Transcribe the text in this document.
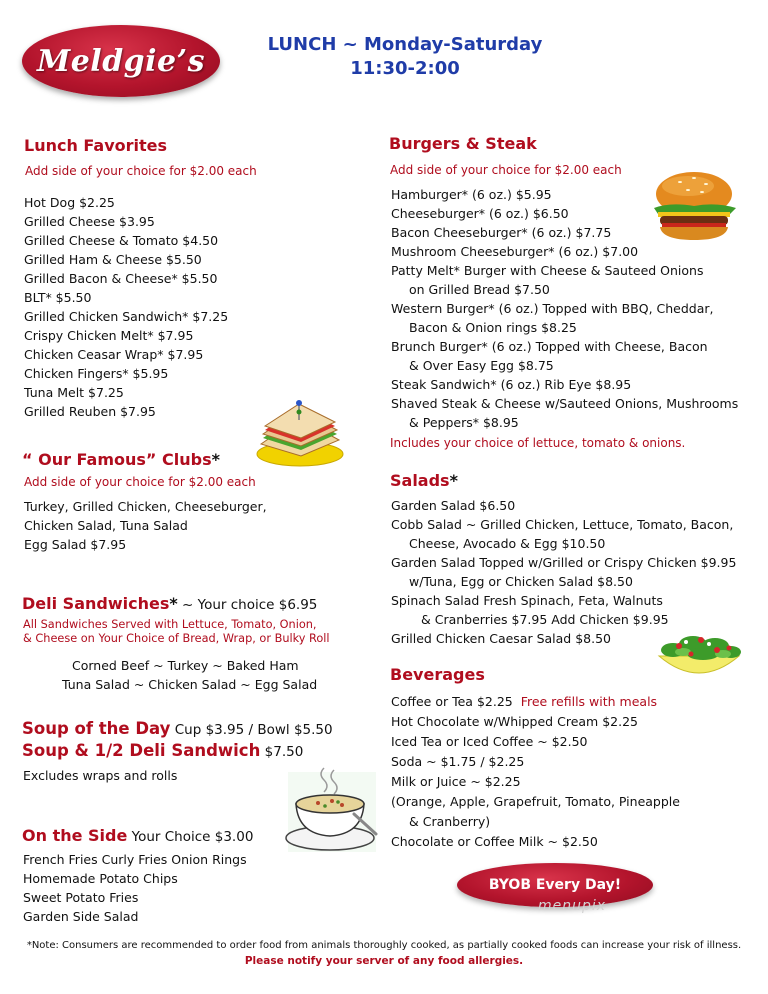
Meldgie’s	LUNCH ~ Monday-Saturday
11:30-2:00
Lunch Favorites
Add side of your choice for $2.00 each
Hot Dog $2.25
Grilled Cheese $3.95
Grilled Cheese & Tomato $4.50
Grilled Ham & Cheese $5.50
Grilled Bacon & Cheese* $5.50
BLT* $5.50
Grilled Chicken Sandwich* $7.25
Crispy Chicken Melt* $7.95
Chicken Ceasar Wrap* $7.95
Chicken Fingers* $5.95
Tuna Melt $7.25
Grilled Reuben $7.95
“ Our Famous” Clubs*
Add side of your choice for $2.00 each
Turkey, Grilled Chicken, Cheeseburger,
Chicken Salad, Tuna Salad
Egg Salad $7.95
Deli Sandwiches* ~ Your choice $6.95
All Sandwiches Served with Lettuce, Tomato, Onion,
& Cheese on Your Choice of Bread, Wrap, or Bulky Roll
Corned Beef ~ Turkey ~ Baked Ham
Tuna Salad ~ Chicken Salad ~ Egg Salad
Soup of the Day Cup $3.95 / Bowl $5.50
Soup & 1/2 Deli Sandwich $7.50
Excludes wraps and rolls
On the Side Your Choice $3.00
French Fries Curly Fries Onion Rings
Homemade Potato Chips
Sweet Potato Fries
Garden Side Salad
Burgers & Steak
Add side of your choice for $2.00 each
Hamburger* (6 oz.) $5.95
Cheeseburger* (6 oz.) $6.50
Bacon Cheeseburger* (6 oz.) $7.75
Mushroom Cheeseburger* (6 oz.) $7.00
Patty Melt* Burger with Cheese & Sauteed Onions
on Grilled Bread $7.50
Western Burger* (6 oz.) Topped with BBQ, Cheddar,
Bacon & Onion rings $8.25
Brunch Burger* (6 oz.) Topped with Cheese, Bacon
& Over Easy Egg $8.75
Steak Sandwich* (6 oz.) Rib Eye $8.95
Shaved Steak & Cheese w/Sauteed Onions, Mushrooms
& Peppers* $8.95
Includes your choice of lettuce, tomato & onions.
Salads*
Garden Salad $6.50
Cobb Salad ~ Grilled Chicken, Lettuce, Tomato, Bacon,
Cheese, Avocado & Egg $10.50
Garden Salad Topped w/Grilled or Crispy Chicken $9.95
w/Tuna, Egg or Chicken Salad $8.50
Spinach Salad Fresh Spinach, Feta, Walnuts
& Cranberries $7.95 Add Chicken $9.95
Grilled Chicken Caesar Salad $8.50
Beverages
Coffee or Tea $2.25 Free refills with meals
Hot Chocolate w/Whipped Cream $2.25
Iced Tea or Iced Coffee ~ $2.50
Soda ~ $1.75 / $2.25
Milk or Juice ~ $2.25
(Orange, Apple, Grapefruit, Tomato, Pineapple
& Cranberry)
Chocolate or Coffee Milk ~ $2.50
BYOB Every Day!
menupix
*Note: Consumers are recommended to order food from animals thoroughly cooked, as partially cooked foods can increase your risk of illness.
Please notify your server of any food allergies.
